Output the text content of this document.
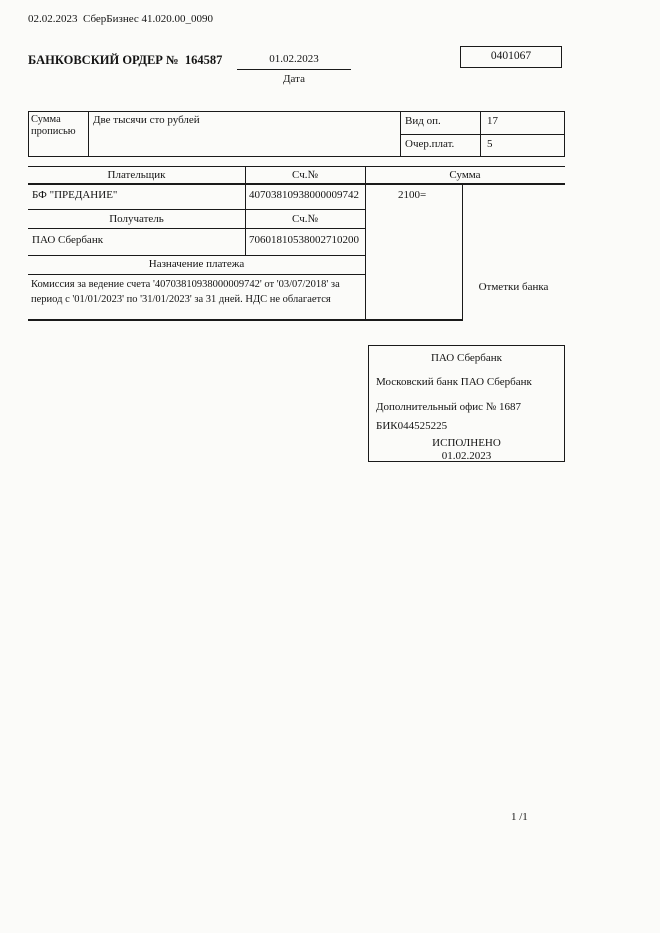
02.02.2023  СберБизнес 41.020.00_0090
БАНКОВСКИЙ ОРДЕР №  164587	01.02.2023
Дата
0401067
Сумма прописью
Две тысячи сто рублей	Вид оп.	17
Очер.плат.	5
Плательщик	Сч.№	Сумма
БФ "ПРЕДАНИЕ"	40703810938000009742	2100=
Получатель	Сч.№
ПАО Сбербанк	70601810538002710200
Назначение платежа
Комиссия за ведение счета '40703810938000009742' от '03/07/2018' за период с '01/01/2023' по '31/01/2023' за 31 дней. НДС не облагается
Отметки банка
ПАО Сбербанк
Московский банк ПАО Сбербанк
Дополнительный офис № 1687
БИК044525225
ИСПОЛНЕНО
01.02.2023
1 /1
